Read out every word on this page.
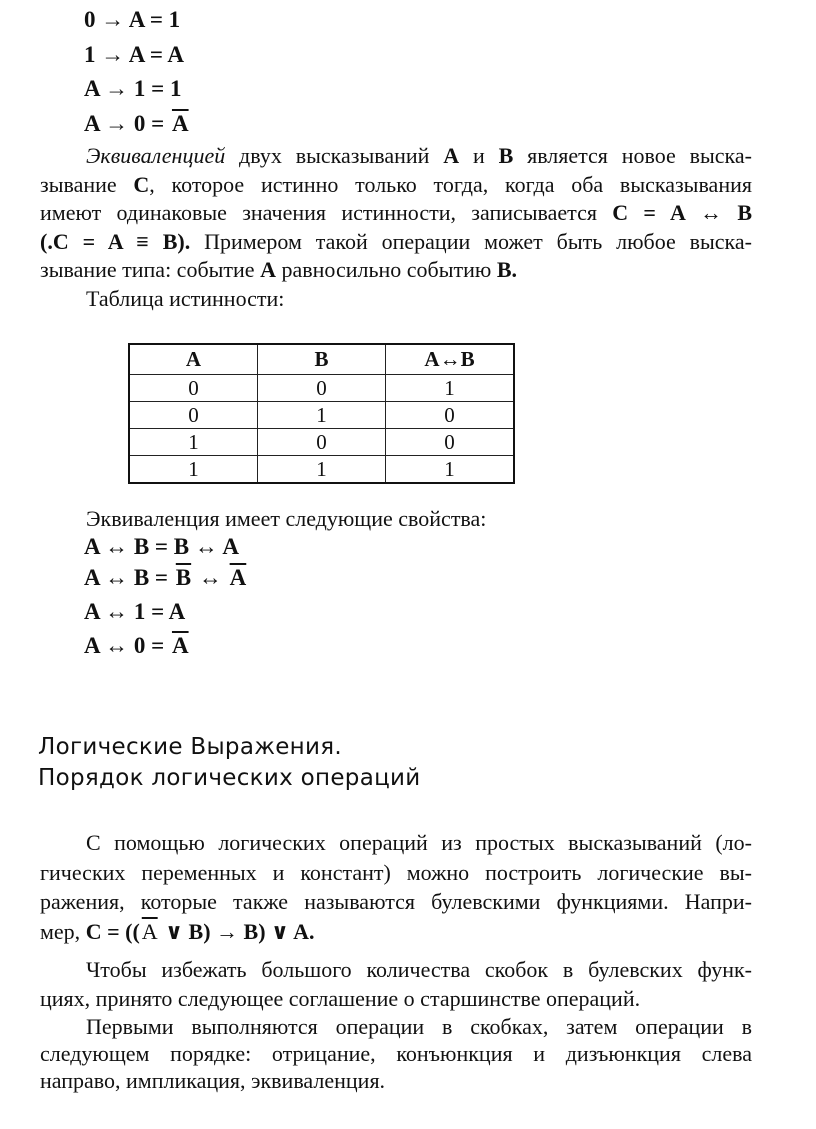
0 → A = 1
1 → A = A
A → 1 = 1
$A \to 0 = \overline{A}$
Эквиваленцией двух высказываний A и B является новое выска-
зывание C, которое истинно только тогда, когда оба высказывания
имеют одинаковые значения истинности, записывается C = A ↔ B
(.C = A ≡ B). Примером такой операции может быть любое выска-
зывание типа: событие A равносильно событию B.
Таблица истинности:
A	B	A↔B
0	0	1
0	1	0
1	0	0
1	1	1
Эквиваленция имеет следующие свойства:
A ↔ B = B ↔ A
A ↔ $B = \overline{B}$ ↔ $\overline{A}$
A ↔ 1 = A
A ↔ $0 = \overline{A}$
Логические Выражения.
Порядок логических операций
С помощью логических операций из простых высказываний (ло-
гических переменных и констант) можно построить логические вы-
ражения, которые также называются булевскими функциями. Напри-
мер, $C = ((\overline{A}$ ∨ B) → B) ∨ A.
Чтобы избежать большого количества скобок в булевских функ-
циях, принято следующее соглашение о старшинстве операций.
Первыми выполняются операции в скобках, затем операции в
следующем порядке: отрицание, конъюнкция и дизъюнкция слева
направо, импликация, эквиваленция.
